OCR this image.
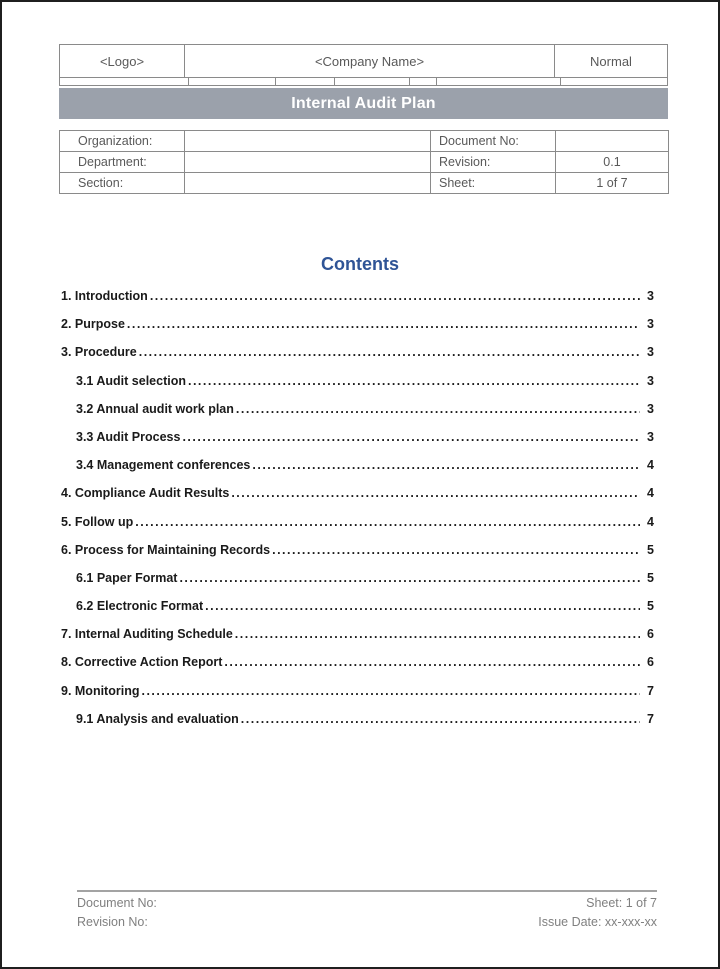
<Logo>	<Company Name>	Normal
Internal Audit Plan
Organization:		Document No:	
Department:		Revision:	0.1
Section:		Sheet:	1 of 7
Contents
1. Introduction .....	3
2. Purpose .....	3
3. Procedure .....	3
3.1 Audit selection .....	3
3.2 Annual audit work plan .....	3
3.3 Audit Process .....	3
3.4 Management conferences .....	4
4. Compliance Audit Results .....	4
5. Follow up .....	4
6. Process for Maintaining Records .....	5
6.1 Paper Format .....	5
6.2 Electronic Format .....	5
7. Internal Auditing Schedule .....	6
8. Corrective Action Report .....	6
9. Monitoring .....	7
9.1 Analysis and evaluation .....	7
Document No:
Revision No:
Sheet: 1 of 7
Issue Date: xx-xxx-xx
